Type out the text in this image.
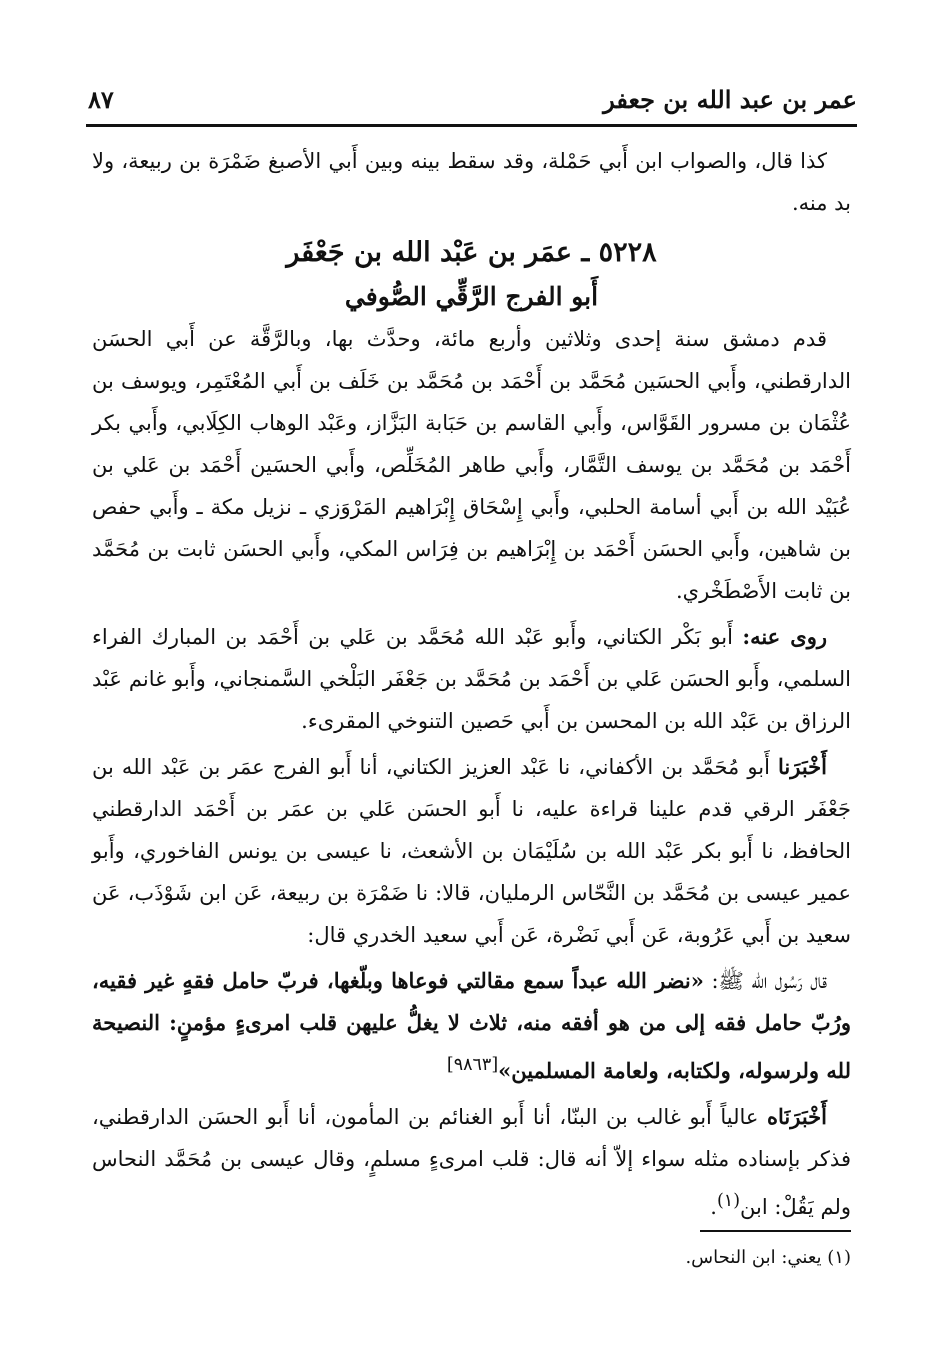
٨٧	عمر بن عبد الله بن جعفر

كذا قال، والصواب ابن أَبي حَمْلة، وقد سقط بينه وبين أَبي الأصبغ ضَمْرَة بن ربيعة، ولا بد منه.

٥٢٢٨ ـ عمَر بن عَبْد الله بن جَعْفَر
أَبو الفرج الرَّقِّي الصُّوفي

قدم دمشق سنة إحدى وثلاثين وأربع مائة، وحدَّث بها، وبالرَّقَّة عن أَبي الحسَن الدارقطني، وأَبي الحسَين مُحَمَّد بن أَحْمَد بن مُحَمَّد بن خَلَف بن أَبي المُعْتَمِر، ويوسف بن عُثْمَان بن مسرور القَوَّاس، وأَبي القاسم بن حَبَابة البَزَّاز، وعَبْد الوهاب الكِلَابي، وأَبي بكر أَحْمَد بن مُحَمَّد بن يوسف التَّمَّار، وأَبي طاهر المُخَلِّص، وأَبي الحسَين أَحْمَد بن عَلي بن عُبَيْد الله بن أَبي أسامة الحلبي، وأَبي إِسْحَاق إِبْرَاهيم المَرْوَزي ـ نزيل مكة ـ وأَبي حفص بن شاهين، وأَبي الحسَن أَحْمَد بن إِبْرَاهيم بن فِرَاس المكي، وأَبي الحسَن ثابت بن مُحَمَّد بن ثابت الأَصْطَخْري.

روى عنه: أَبو بَكْر الكتاني، وأَبو عَبْد الله مُحَمَّد بن عَلي بن أَحْمَد بن المبارك الفراء السلمي، وأَبو الحسَن عَلي بن أَحْمَد بن مُحَمَّد بن جَعْفَر البَلْخي السَّمنجاني، وأَبو غانم عَبْد الرزاق بن عَبْد الله بن المحسن بن أَبي حَصين التنوخي المقرىء.

أَخْبَرَنا أَبو مُحَمَّد بن الأكفاني، نا عَبْد العزيز الكتاني، أنا أَبو الفرج عمَر بن عَبْد الله بن جَعْفَر الرقي قدم علينا قراءة عليه، نا أَبو الحسَن عَلي بن عمَر بن أَحْمَد الدارقطني الحافظ، نا أَبو بكر عَبْد الله بن سُلَيْمَان بن الأشعث، نا عيسى بن يونس الفاخوري، وأَبو عمير عيسى بن مُحَمَّد بن النَّحّاس الرمليان، قالا: نا ضَمْرَة بن ربيعة، عَن ابن شَوْذَب، عَن سعيد بن أَبي عَرُوبة، عَن أَبي نَضْرة، عَن أَبي سعيد الخدري قال:

قال رَسُول الله ﷺ: «نضر الله عبداً سمع مقالتي فوعاها وبلّغها، فربّ حامل فقهٍ غير فقيه، ورُبّ حامل فقه إلى من هو أفقه منه، ثلاث لا يغلُّ عليهن قلب امرىءٍ مؤمنٍ: النصيحة لله ولرسوله، ولكتابه، ولعامة المسلمين»[٩٨٦٣]

أَخْبَرَنَاه عالياً أَبو غالب بن البنّا، أنا أَبو الغنائم بن المأمون، أنا أَبو الحسَن الدارقطني، فذكر بإسناده مثله سواء إلاّ أنه قال: قلب امرىءٍ مسلمٍ، وقال عيسى بن مُحَمَّد النحاس ولم يَقُلْ: ابن$^{(١)}$.

(١) يعني: ابن النحاس.
